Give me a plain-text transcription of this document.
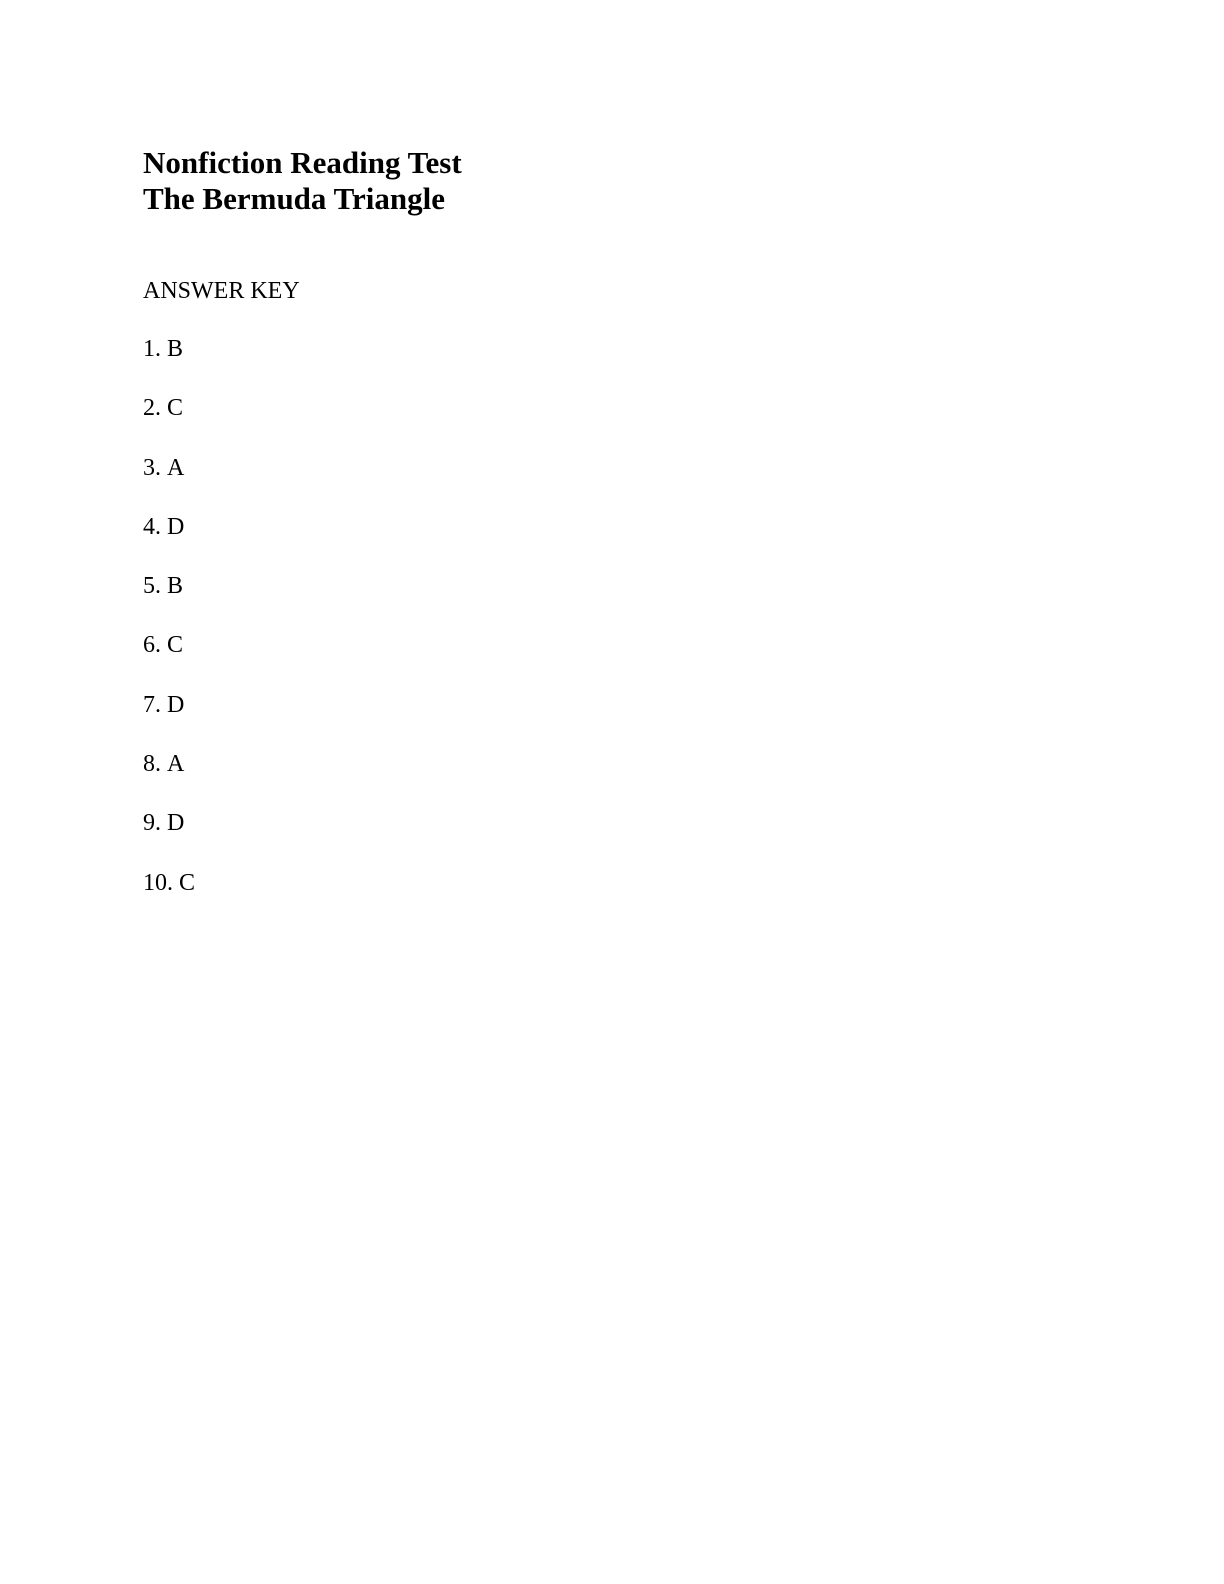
Nonfiction Reading Test
The Bermuda Triangle
ANSWER KEY
1. B
2. C
3. A
4. D
5. B
6. C
7. D
8. A
9. D
10. C
